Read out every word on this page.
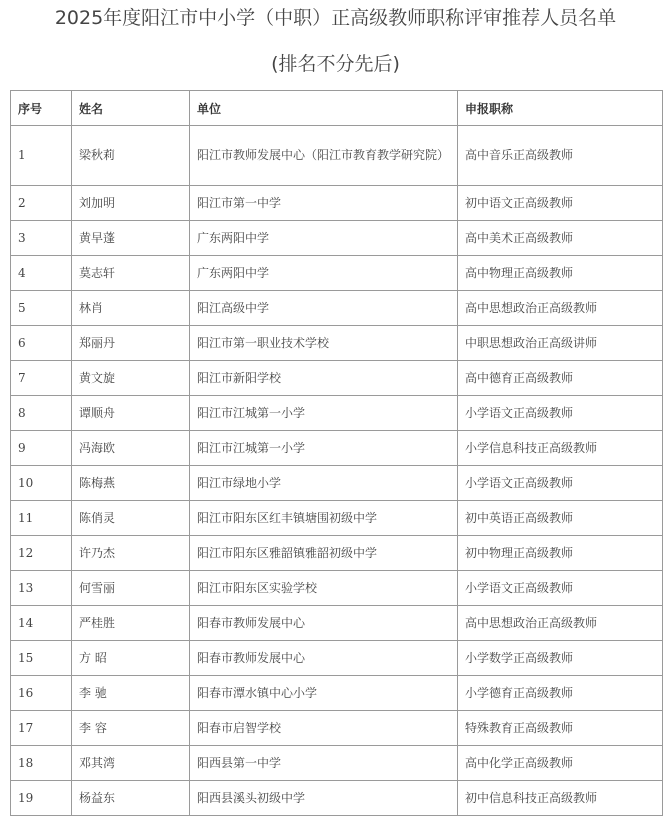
2025年度阳江市中小学（中职）正高级教师职称评审推荐人员名单
(排名不分先后)
序号	姓名	单位	申报职称
1	梁秋莉	阳江市教师发展中心（阳江市教育教学研究院）	高中音乐正高级教师
2	刘加明	阳江市第一中学	初中语文正高级教师
3	黄早蓬	广东两阳中学	高中美术正高级教师
4	莫志轩	广东两阳中学	高中物理正高级教师
5	林肖	阳江高级中学	高中思想政治正高级教师
6	郑丽丹	阳江市第一职业技术学校	中职思想政治正高级讲师
7	黄文旋	阳江市新阳学校	高中德育正高级教师
8	谭顺舟	阳江市江城第一小学	小学语文正高级教师
9	冯海欧	阳江市江城第一小学	小学信息科技正高级教师
10	陈梅燕	阳江市绿地小学	小学语文正高级教师
11	陈俏灵	阳江市阳东区红丰镇塘围初级中学	初中英语正高级教师
12	许乃杰	阳江市阳东区雅韶镇雅韶初级中学	初中物理正高级教师
13	何雪丽	阳江市阳东区实验学校	小学语文正高级教师
14	严桂胜	阳春市教师发展中心	高中思想政治正高级教师
15	方 昭	阳春市教师发展中心	小学数学正高级教师
16	李 驰	阳春市潭水镇中心小学	小学德育正高级教师
17	李 容	阳春市启智学校	特殊教育正高级教师
18	邓其湾	阳西县第一中学	高中化学正高级教师
19	杨益东	阳西县溪头初级中学	初中信息科技正高级教师
